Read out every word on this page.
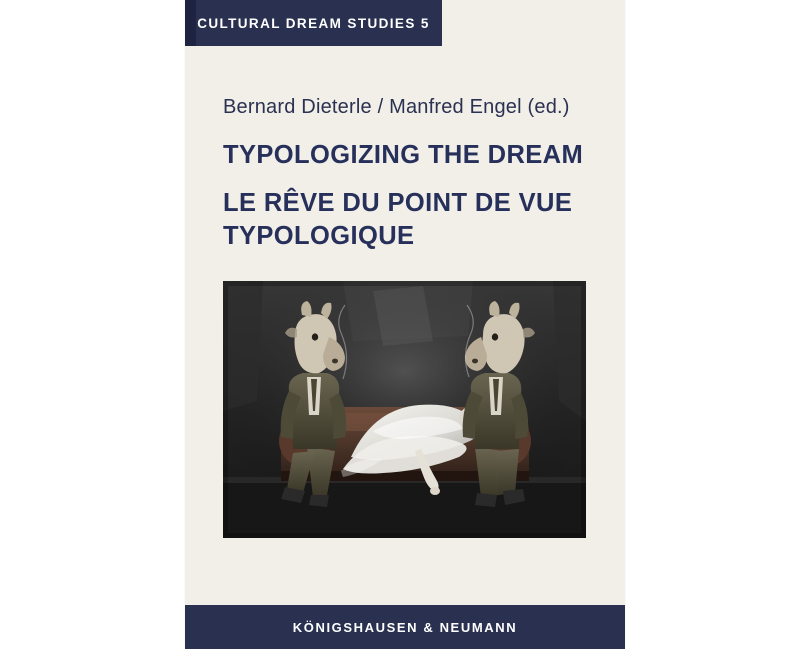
CULTURAL DREAM STUDIES 5
Bernard Dieterle / Manfred Engel (ed.)
TYPOLOGIZING THE DREAM
LE RÊVE DU POINT DE VUE
TYPOLOGIQUE
KÖNIGSHAUSEN & NEUMANN
